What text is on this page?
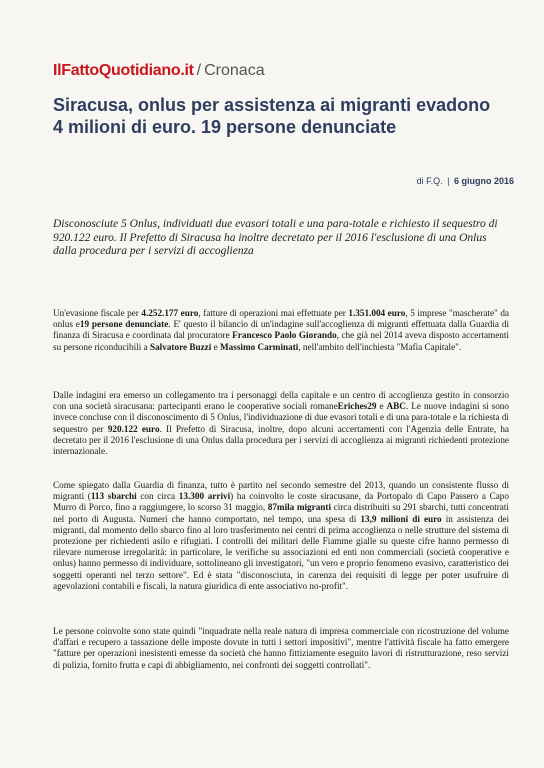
IlFattoQuotidiano.it / Cronaca
Siracusa, onlus per assistenza ai migranti evadono 4 milioni di euro. 19 persone denunciate
di F.Q. | 6 giugno 2016

Disconosciute 5 Onlus, individuati due evasori totali e una para-totale e richiesto il sequestro di 920.122 euro. Il Prefetto di Siracusa ha inoltre decretato per il 2016 l'esclusione di una Onlus dalla procedura per i servizi di accoglienza

Un'evasione fiscale per 4.252.177 euro, fatture di operazioni mai effettuate per 1.351.004 euro, 5 imprese "mascherate" da onlus e19 persone denunciate. E' questo il bilancio di un'indagine sull'accoglienza di migranti effettuata dalla Guardia di finanza di Siracusa e coordinata dal procuratore Francesco Paolo Giorando, che già nel 2014 aveva disposto accertamenti su persone riconducibili a Salvatore Buzzi e Massimo Carminati, nell'ambito dell'inchiesta "Mafia Capitale".

Dalle indagini era emerso un collegamento tra i personaggi della capitale e un centro di accoglienza gestito in consorzio con una società siracusana: partecipanti erano le cooperative sociali romaneEriches29 e ABC. Le nuove indagini si sono invece concluse con il disconoscimento di 5 Onlus, l'individuazione di due evasori totali e di una para-totale e la richiesta di sequestro per 920.122 euro. Il Prefetto di Siracusa, inoltre, dopo alcuni accertamenti con l'Agenzia delle Entrate, ha decretato per il 2016 l'esclusione di una Onlus dalla procedura per i servizi di accoglienza ai migranti richiedenti protezione internazionale.

Come spiegato dalla Guardia di finanza, tutto è partito nel secondo semestre del 2013, quando un consistente flusso di migranti (113 sbarchi con circa 13.300 arrivi) ha coinvolto le coste siracusane, da Portopalo di Capo Passero a Capo Murro di Porco, fino a raggiungere, lo scorso 31 maggio, 87mila migranti circa distribuiti su 291 sbarchi, tutti concentrati nel porto di Augusta. Numeri che hanno comportato, nel tempo, una spesa di 13,9 milioni di euro in assistenza dei migranti, dal momento dello sbarco fino al loro trasferimento nei centri di prima accoglienza o nelle strutture del sistema di protezione per richiedenti asilo e rifugiati. I controlli dei militari delle Fiamme gialle su queste cifre hanno permesso di rilevare numerose irregolarità: in particolare, le verifiche su associazioni ed enti non commerciali (società cooperative e onlus) hanno permesso di individuare, sottolineano gli investigatori, "un vero e proprio fenomeno evasivo, caratteristico dei soggetti operanti nel terzo settore". Ed è stata "disconosciuta, in carenza dei requisiti di legge per poter usufruire di agevolazioni contabili e fiscali, la natura giuridica di ente associativo no-profit".

Le persone coinvolte sono state quindi "inquadrate nella reale natura di impresa commerciale con ricostruzione del volume d'affari e recupero a tassazione delle imposte dovute in tutti i settori impositivi", mentre l'attività fiscale ha fatto emergere "fatture per operazioni inesistenti emesse da società che hanno fittiziamente eseguito lavori di ristrutturazione, reso servizi di pulizia, fornito frutta e capi di abbigliamento, nei confronti dei soggetti controllati".
